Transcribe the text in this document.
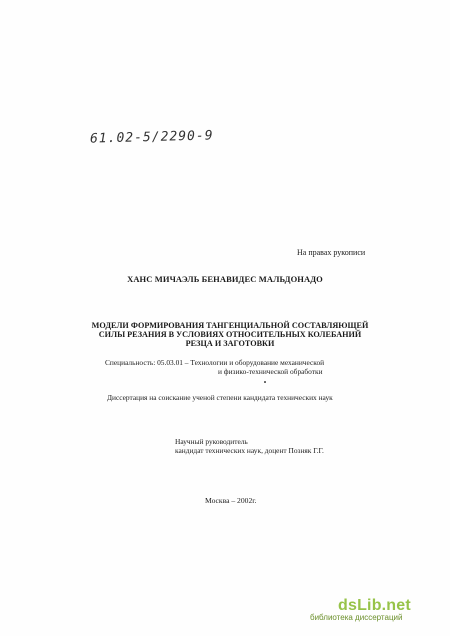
61.02-5/2290-9
На правах рукописи
ХАНС МИЧАЭЛЬ БЕНАВИДЕС МАЛЬДОНАДО
МОДЕЛИ ФОРМИРОВАНИЯ ТАНГЕНЦИАЛЬНОЙ СОСТАВЛЯЮЩЕЙ
СИЛЫ РЕЗАНИЯ В УСЛОВИЯХ ОТНОСИТЕЛЬНЫХ КОЛЕБАНИЙ
РЕЗЦА И ЗАГОТОВКИ
Специальность: 05.03.01 – Технологии и оборудование механической
и физико-технической обработки
Диссертация на соискание ученой степени кандидата технических наук
Научный руководитель
кандидат технических наук, доцент Позняк Г.Г.
Москва – 2002г.
dsLib.net
библиотека диссертаций
